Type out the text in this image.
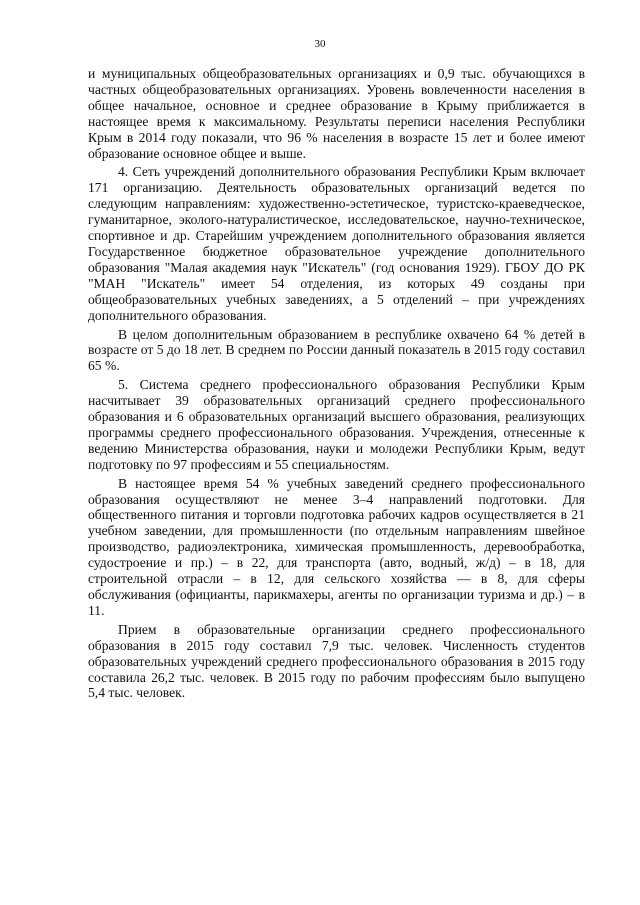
30

и муниципальных общеобразовательных организациях и 0,9 тыс. обучающихся в частных общеобразовательных организациях. Уровень вовлеченности населения в общее начальное, основное и среднее образование в Крыму приближается в настоящее время к максимальному. Результаты переписи населения Республики Крым в 2014 году показали, что 96 % населения в возрасте 15 лет и более имеют образование основное общее и выше.

4. Сеть учреждений дополнительного образования Республики Крым включает 171 организацию. Деятельность образовательных организаций ведется по следующим направлениям: художественно-эстетическое, туристско-краеведческое, гуманитарное, эколого-натуралистическое, исследовательское, научно-техническое, спортивное и др. Старейшим учреждением дополнительного образования является Государственное бюджетное образовательное учреждение дополнительного образования "Малая академия наук "Искатель" (год основания 1929). ГБОУ ДО РК "МАН "Искатель" имеет 54 отделения, из которых 49 созданы при общеобразовательных учебных заведениях, а 5 отделений – при учреждениях дополнительного образования.

В целом дополнительным образованием в республике охвачено 64 % детей в возрасте от 5 до 18 лет. В среднем по России данный показатель в 2015 году составил 65 %.

5. Система среднего профессионального образования Республики Крым насчитывает 39 образовательных организаций среднего профессионального образования и 6 образовательных организаций высшего образования, реализующих программы среднего профессионального образования. Учреждения, отнесенные к ведению Министерства образования, науки и молодежи Республики Крым, ведут подготовку по 97 профессиям и 55 специальностям.

В настоящее время 54 % учебных заведений среднего профессионального образования осуществляют не менее 3–4 направлений подготовки. Для общественного питания и торговли подготовка рабочих кадров осуществляется в 21 учебном заведении, для промышленности (по отдельным направлениям швейное производство, радиоэлектроника, химическая промышленность, деревообработка, судостроение и пр.) – в 22, для транспорта (авто, водный, ж/д) – в 18, для строительной отрасли – в 12, для сельского хозяйства — в 8, для сферы обслуживания (официанты, парикмахеры, агенты по организации туризма и др.) – в 11.

Прием в образовательные организации среднего профессионального образования в 2015 году составил 7,9 тыс. человек. Численность студентов образовательных учреждений среднего профессионального образования в 2015 году составила 26,2 тыс. человек. В 2015 году по рабочим профессиям было выпущено 5,4 тыс. человек.
